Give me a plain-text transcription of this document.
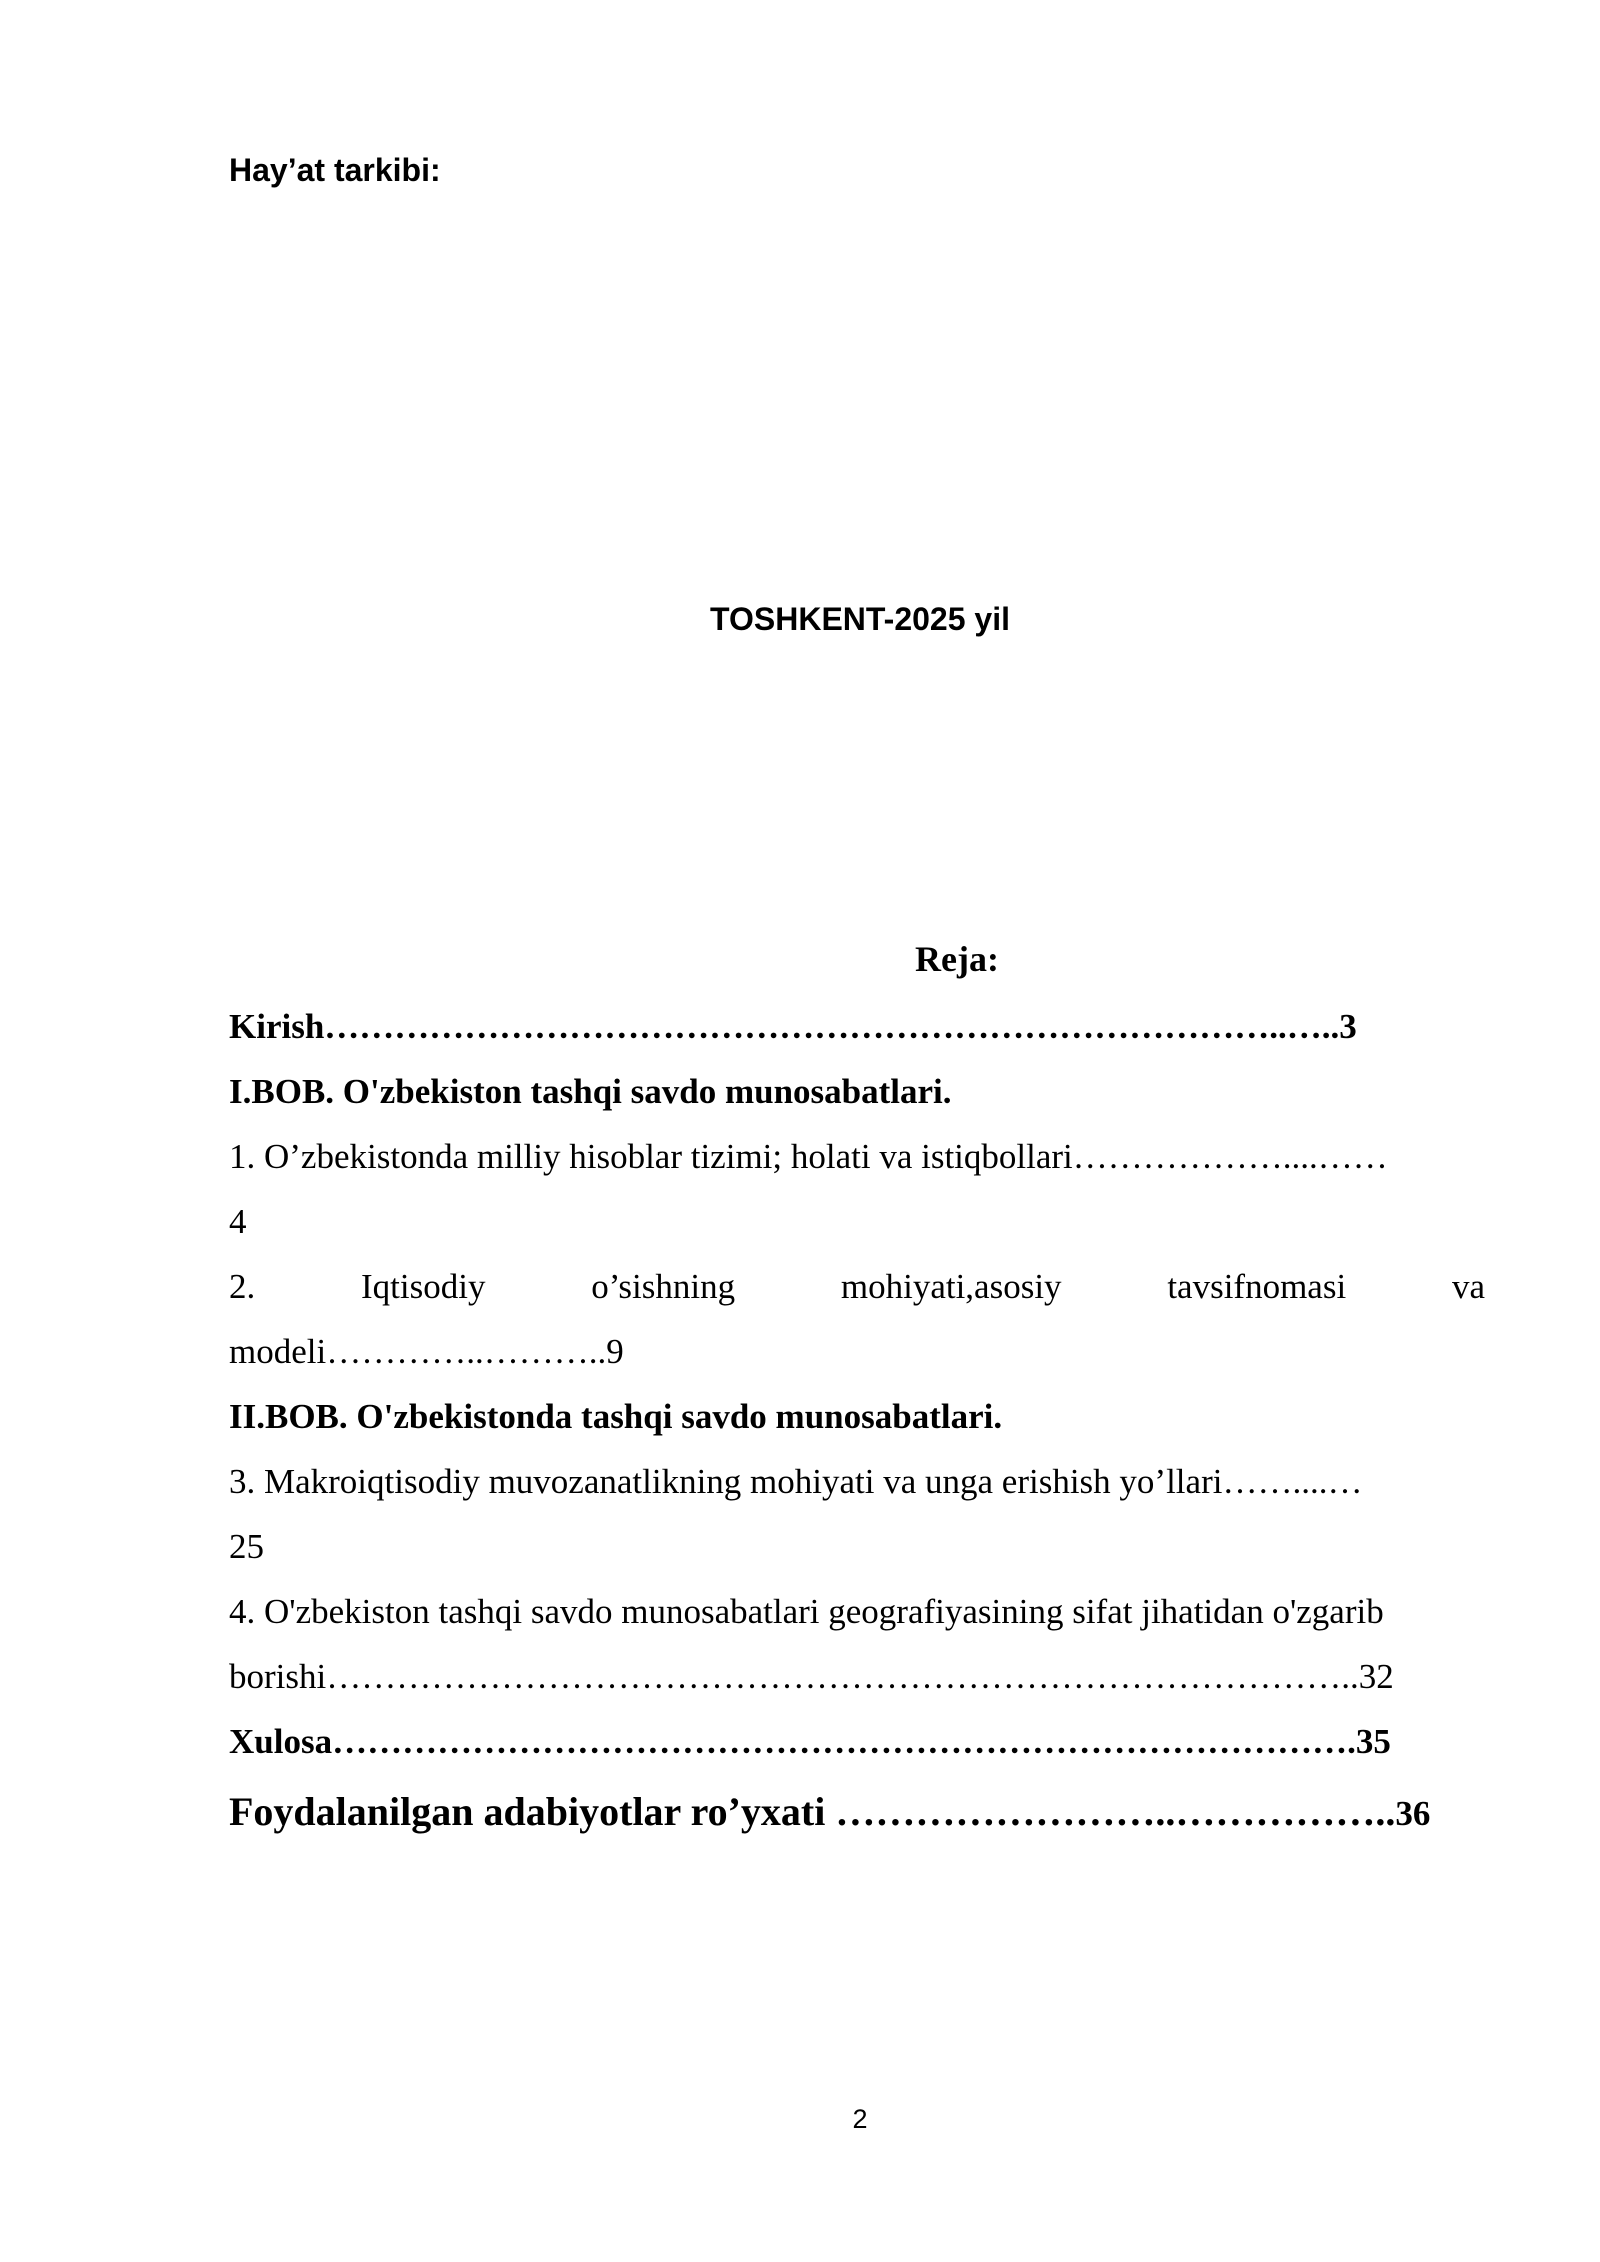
Hay’at tarkibi:
TOSHKENT-2025 yil
Reja:
Kirish………………………………………………………………………..…..3
I.BOB. O'zbekiston tashqi savdo munosabatlari.
1. O’zbekistonda milliy hisoblar tizimi; holati va istiqbollari………………....……
4
2.	Iqtisodiy	o’sishning	mohiyati,asosiy	tavsifnomasi	va
modeli…………..………..9
II.BOB. O'zbekistonda tashqi savdo munosabatlari.
3. Makroiqtisodiy muvozanatlikning mohiyati va unga erishish yo’llari……....…
25
4. O'zbekiston tashqi savdo munosabatlari geografiyasining sifat jihatidan o'zgarib
borishi……………………………………………………………………………..32
Xulosa…………………………………………………………………………….35
Foydalanilgan adabiyotlar ro’yxati ……………………..……………..36
2
